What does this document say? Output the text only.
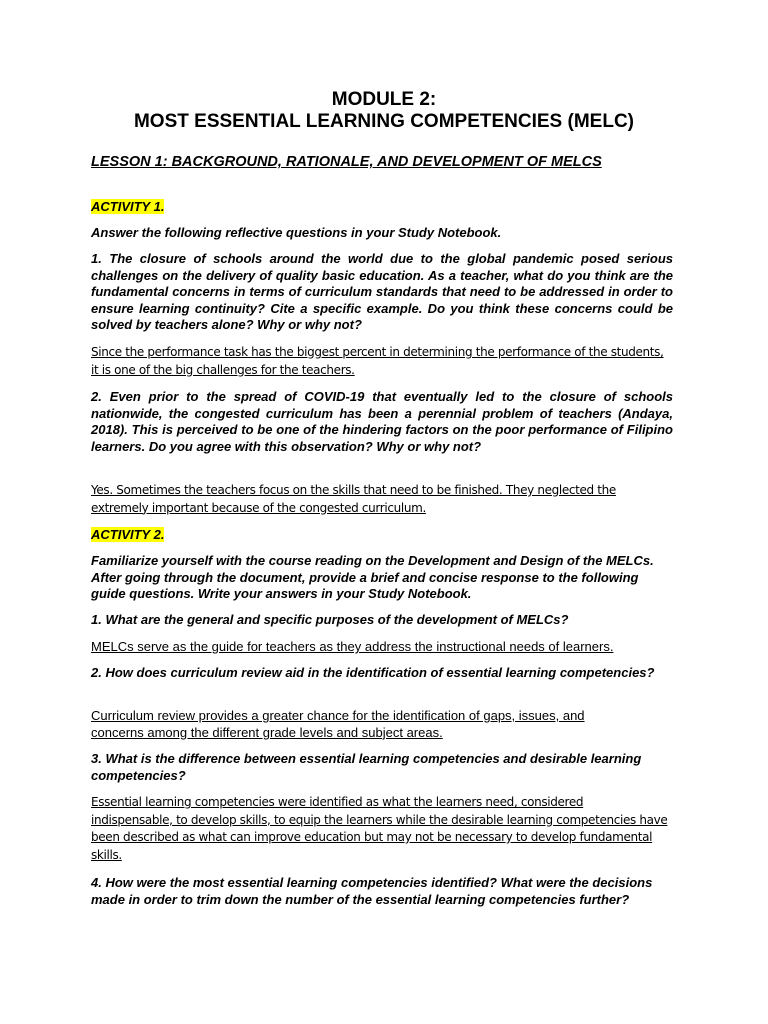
MODULE 2:
MOST ESSENTIAL LEARNING COMPETENCIES (MELC)
LESSON 1: BACKGROUND, RATIONALE, AND DEVELOPMENT OF MELCS
ACTIVITY 1.
Answer the following reflective questions in your Study Notebook.
1. The closure of schools around the world due to the global pandemic posed serious challenges on the delivery of quality basic education. As a teacher, what do you think are the fundamental concerns in terms of curriculum standards that need to be addressed in order to ensure learning continuity? Cite a specific example. Do you think these concerns could be solved by teachers alone? Why or why not?
Since the performance task has the biggest percent in determining the performance of the students,
it is one of the big challenges for the teachers.
2. Even prior to the spread of COVID-19 that eventually led to the closure of schools nationwide, the congested curriculum has been a perennial problem of teachers (Andaya, 2018). This is perceived to be one of the hindering factors on the poor performance of Filipino learners. Do you agree with this observation? Why or why not?
Yes. Sometimes the teachers focus on the skills that need to be finished. They neglected the
extremely important because of the congested curriculum.
ACTIVITY 2.
Familiarize yourself with the course reading on the Development and Design of the MELCs. After going through the document, provide a brief and concise response to the following guide questions. Write your answers in your Study Notebook.
1. What are the general and specific purposes of the development of MELCs?
MELCs serve as the guide for teachers as they address the instructional needs of learners.
2. How does curriculum review aid in the identification of essential learning competencies?
Curriculum review provides a greater chance for the identification of gaps, issues, and
concerns among the different grade levels and subject areas.
3. What is the difference between essential learning competencies and desirable learning competencies?
Essential learning competencies were identified as what the learners need, considered
indispensable, to develop skills, to equip the learners while the desirable learning competencies have
been described as what can improve education but may not be necessary to develop fundamental
skills.
4. How were the most essential learning competencies identified? What were the decisions made in order to trim down the number of the essential learning competencies further?
